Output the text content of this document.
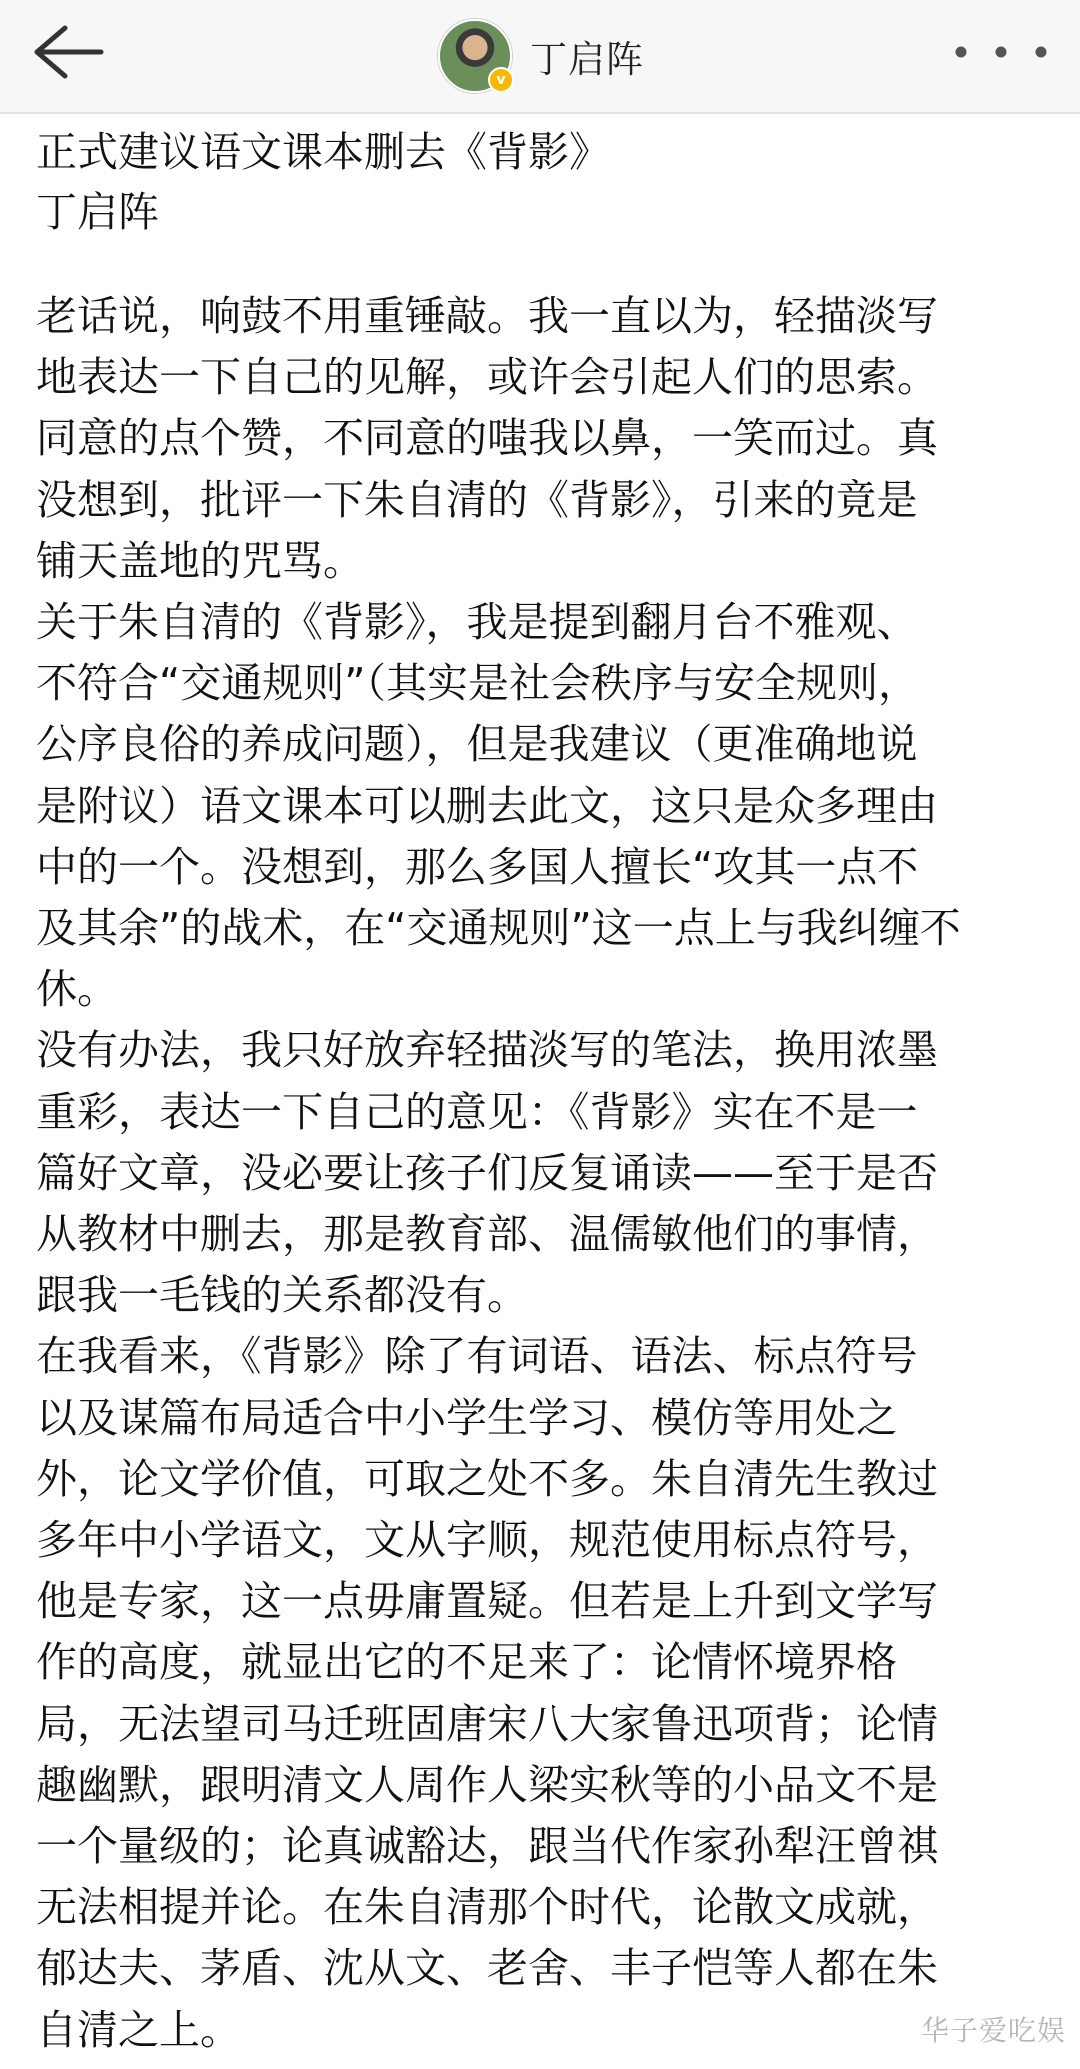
v 丁启阵

正式建议语文课本删去《背影》

丁启阵

老话说，响鼓不用重锤敲。我一直以为，轻描淡写

地表达一下自己的见解，或许会引起人们的思索。

同意的点个赞，不同意的嗤我以鼻，一笑而过。真

没想到，批评一下朱自清的《背影》，引来的竟是

铺天盖地的咒骂。

关于朱自清的《背影》，我是提到翻月台不雅观、

不符合“交通规则”（其实是社会秩序与安全规则，

公序良俗的养成问题），但是我建议（更准确地说

是附议）语文课本可以删去此文，这只是众多理由

中的一个。没想到，那么多国人擅长“攻其一点不

及其余”的战术，在“交通规则”这一点上与我纠缠不

休。

没有办法，我只好放弃轻描淡写的笔法，换用浓墨

重彩，表达一下自己的意见：《背影》实在不是一

篇好文章，没必要让孩子们反复诵读——至于是否

从教材中删去，那是教育部、温儒敏他们的事情，

跟我一毛钱的关系都没有。

在我看来，《背影》除了有词语、语法、标点符号

以及谋篇布局适合中小学生学习、模仿等用处之

外，论文学价值，可取之处不多。朱自清先生教过

多年中小学语文，文从字顺，规范使用标点符号，

他是专家，这一点毋庸置疑。但若是上升到文学写

作的高度，就显出它的不足来了：论情怀境界格

局，无法望司马迁班固唐宋八大家鲁迅项背；论情

趣幽默，跟明清文人周作人梁实秋等的小品文不是

一个量级的；论真诚豁达，跟当代作家孙犁汪曾祺

无法相提并论。在朱自清那个时代，论散文成就，

郁达夫、茅盾、沈从文、老舍、丰子恺等人都在朱

自清之上。	华子爱吃娱
